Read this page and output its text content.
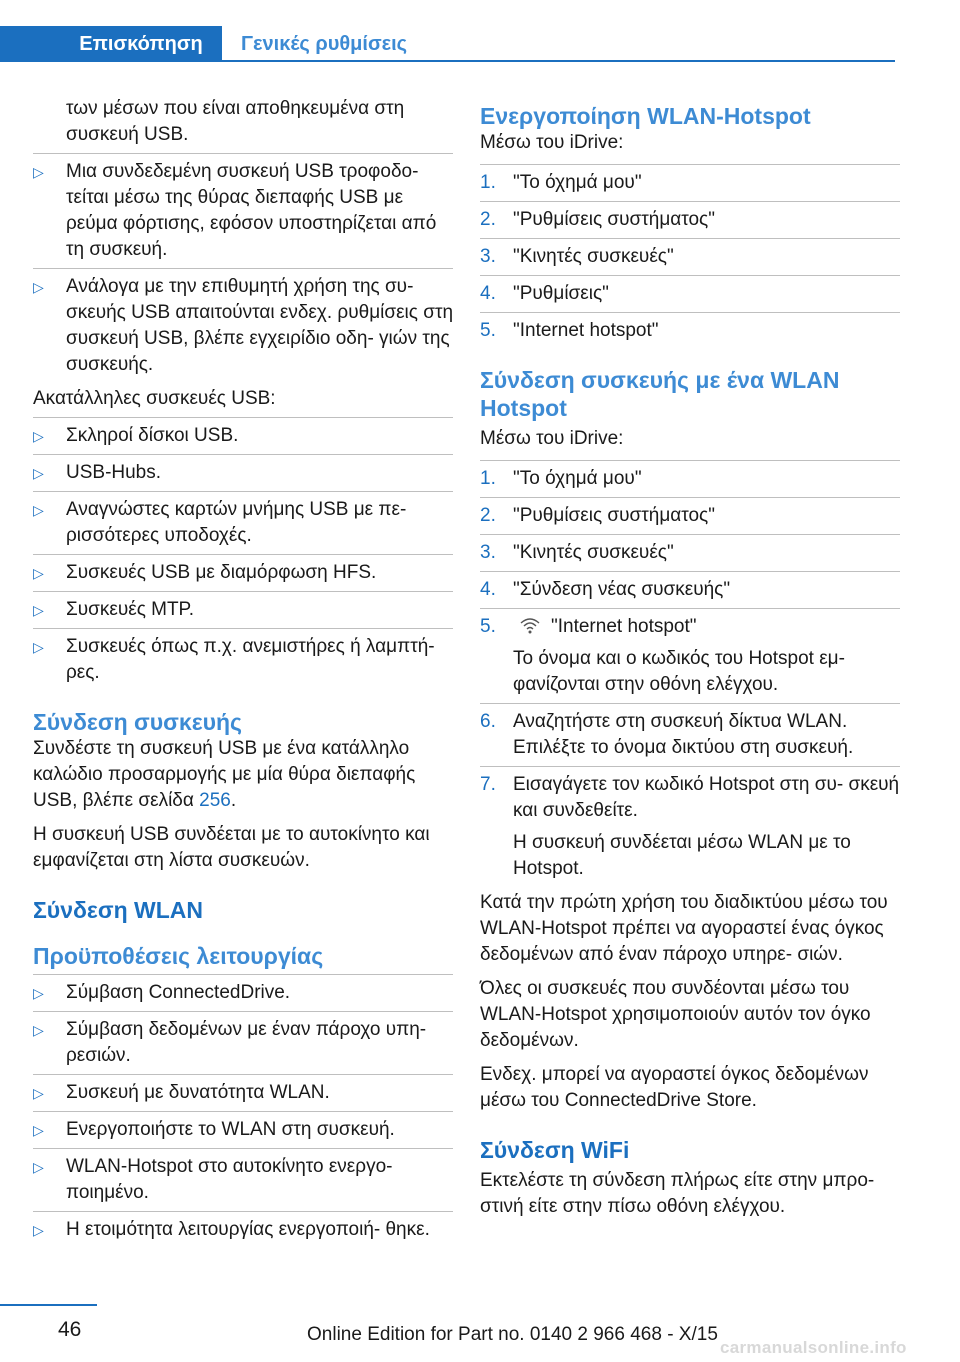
Επισκόπηση Γενικές ρυθμίσεις
των μέσων που είναι αποθηκευμένα στη συσκευή USB.
▷	Μια συνδεδεμένη συσκευή USB τροφοδο‐ τείται μέσω της θύρας διεπαφής USB με ρεύμα φόρτισης, εφόσον υποστηρίζεται από τη συσκευή.
▷	Ανάλογα με την επιθυμητή χρήση της συ‐ σκευής USB απαιτούνται ενδεχ. ρυθμίσεις στη συσκευή USB, βλέπε εγχειρίδιο οδη‐ γιών της συσκευής.
Ακατάλληλες συσκευές USB:
▷	Σκληροί δίσκοι USB.
▷	USB-Hubs.
▷	Αναγνώστες καρτών μνήμης USB με πε‐ ρισσότερες υποδοχές.
▷	Συσκευές USB με διαμόρφωση HFS.
▷	Συσκευές MTP.
▷	Συσκευές όπως π.χ. ανεμιστήρες ή λαμπτή‐ ρες.
Σύνδεση συσκευής
Συνδέστε τη συσκευή USB με ένα κατάλληλο καλώδιο προσαρμογής με μία θύρα διεπαφής USB, βλέπε σελίδα 256.
Η συσκευή USB συνδέεται με το αυτοκίνητο και εμφανίζεται στη λίστα συσκευών.
Σύνδεση WLAN
Προϋποθέσεις λειτουργίας
▷	Σύμβαση ConnectedDrive.
▷	Σύμβαση δεδομένων με έναν πάροχο υπη‐ ρεσιών.
▷	Συσκευή με δυνατότητα WLAN.
▷	Ενεργοποιήστε το WLAN στη συσκευή.
▷	WLAN-Hotspot στο αυτοκίνητο ενεργο‐ ποιημένο.
▷	Η ετοιμότητα λειτουργίας ενεργοποιή‐ θηκε.
Ενεργοποίηση WLAN-Hotspot
Μέσω του iDrive:
1. "Το όχημά μου"
2. "Ρυθμίσεις συστήματος"
3. "Κινητές συσκευές"
4. "Ρυθμίσεις"
5. "Internet hotspot"
Σύνδεση συσκευής με ένα WLAN Hotspot
Μέσω του iDrive:
1. "Το όχημά μου"
2. "Ρυθμίσεις συστήματος"
3. "Κινητές συσκευές"
4. "Σύνδεση νέας συσκευής"
5.	"Internet hotspot"
Το όνομα και ο κωδικός του Hotspot εμ‐ φανίζονται στην οθόνη ελέγχου.
6. Αναζητήστε στη συσκευή δίκτυα WLAN. Επιλέξτε το όνομα δικτύου στη συσκευή.
7. Εισαγάγετε τον κωδικό Hotspot στη συ‐ σκευή και συνδεθείτε.
Η συσκευή συνδέεται μέσω WLAN με το Hotspot.
Κατά την πρώτη χρήση του διαδικτύου μέσω του WLAN-Hotspot πρέπει να αγοραστεί ένας όγκος δεδομένων από έναν πάροχο υπηρε‐ σιών.
Όλες οι συσκευές που συνδέονται μέσω του WLAN-Hotspot χρησιμοποιούν αυτόν τον όγκο δεδομένων.
Ενδεχ. μπορεί να αγοραστεί όγκος δεδομένων μέσω του ConnectedDrive Store.
Σύνδεση WiFi
Εκτελέστε τη σύνδεση πλήρως είτε στην μπρο‐ στινή είτε στην πίσω οθόνη ελέγχου.
46	Online Edition for Part no. 0140 2 966 468 - X/15
carmanualsonline.info
